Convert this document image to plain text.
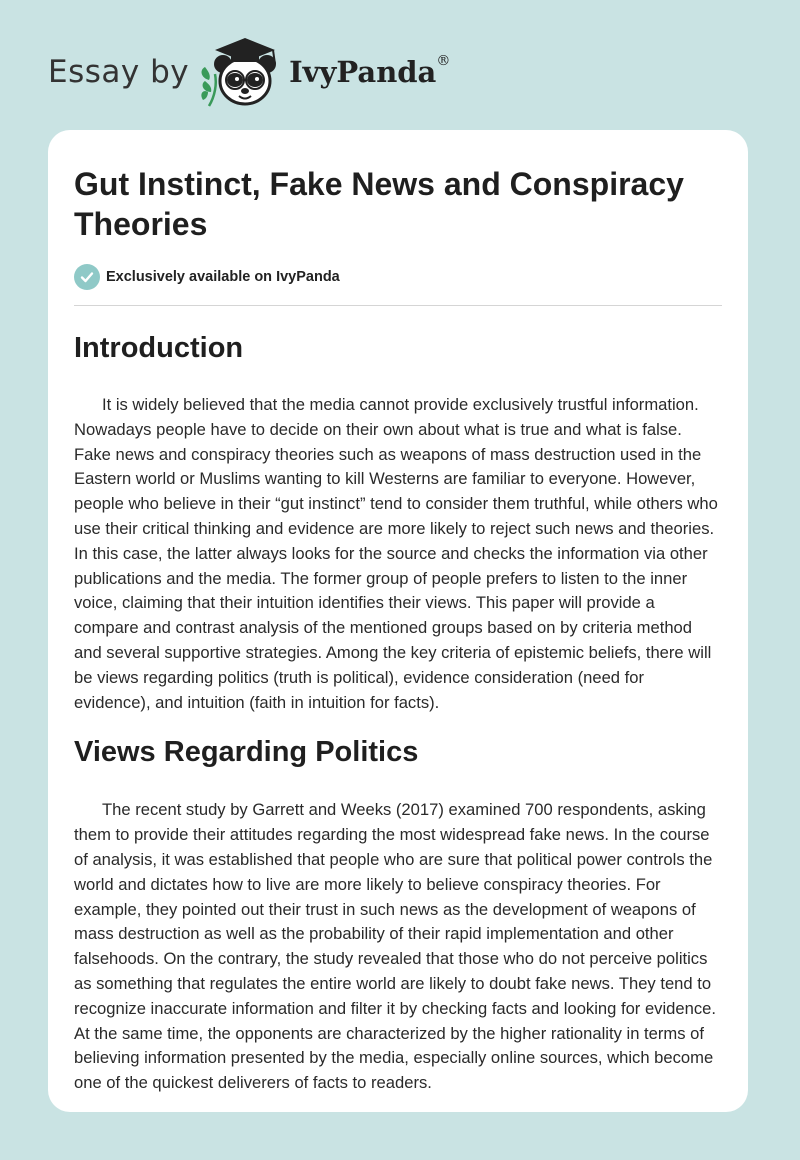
Essay by	IvyPanda®
Gut Instinct, Fake News and Conspiracy Theories
Exclusively available on IvyPanda
Introduction

It is widely believed that the media cannot provide exclusively trustful information. Nowadays people have to decide on their own about what is true and what is false. Fake news and conspiracy theories such as weapons of mass destruction used in the Eastern world or Muslims wanting to kill Westerns are familiar to everyone. However, people who believe in their “gut instinct” tend to consider them truthful, while others who use their critical thinking and evidence are more likely to reject such news and theories. In this case, the latter always looks for the source and checks the information via other publications and the media. The former group of people prefers to listen to the inner voice, claiming that their intuition identifies their views. This paper will provide a compare and contrast analysis of the mentioned groups based on by criteria method and several supportive strategies. Among the key criteria of epistemic beliefs, there will be views regarding politics (truth is political), evidence consideration (need for evidence), and intuition (faith in intuition for facts).

Views Regarding Politics

The recent study by Garrett and Weeks (2017) examined 700 respondents, asking them to provide their attitudes regarding the most widespread fake news. In the course of analysis, it was established that people who are sure that political power controls the world and dictates how to live are more likely to believe conspiracy theories. For example, they pointed out their trust in such news as the development of weapons of mass destruction as well as the probability of their rapid implementation and other falsehoods. On the contrary, the study revealed that those who do not perceive politics as something that regulates the entire world are likely to doubt fake news. They tend to recognize inaccurate information and filter it by checking facts and looking for evidence. At the same time, the opponents are characterized by the higher rationality in terms of believing information presented by the media, especially online sources, which become one of the quickest deliverers of facts to readers.
